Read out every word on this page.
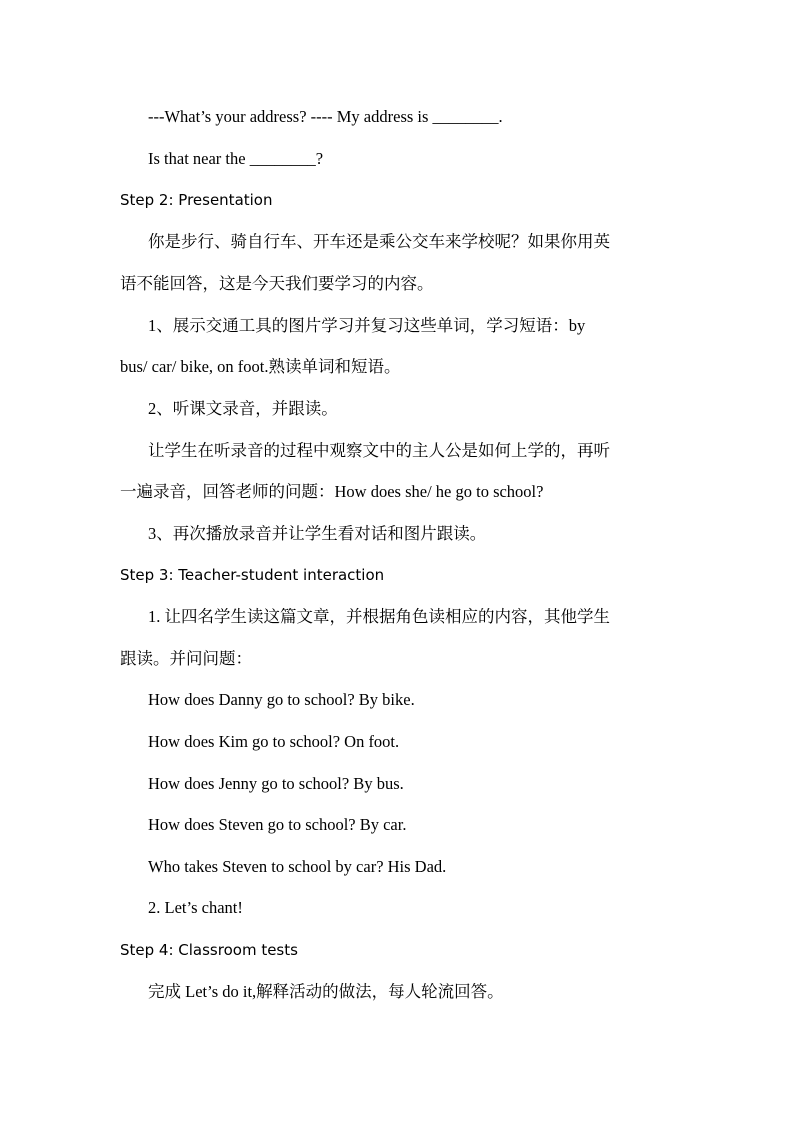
---What’s your address? ---- My address is ________.
Is that near the ________?
Step 2: Presentation
你是步行、骑自行车、开车还是乘公交车来学校呢？如果你用英
语不能回答，这是今天我们要学习的内容。
1、展示交通工具的图片学习并复习这些单词，学习短语：by
bus/ car/ bike, on foot.熟读单词和短语。
2、听课文录音，并跟读。
让学生在听录音的过程中观察文中的主人公是如何上学的，再听
一遍录音，回答老师的问题：How does she/ he go to school?
3、再次播放录音并让学生看对话和图片跟读。
Step 3: Teacher-student interaction
1. 让四名学生读这篇文章，并根据角色读相应的内容，其他学生
跟读。并问问题：
How does Danny go to school? By bike.
How does Kim go to school? On foot.
How does Jenny go to school? By bus.
How does Steven go to school? By car.
Who takes Steven to school by car? His Dad.
2. Let’s chant!
Step 4: Classroom tests
完成 Let’s do it,解释活动的做法，每人轮流回答。
